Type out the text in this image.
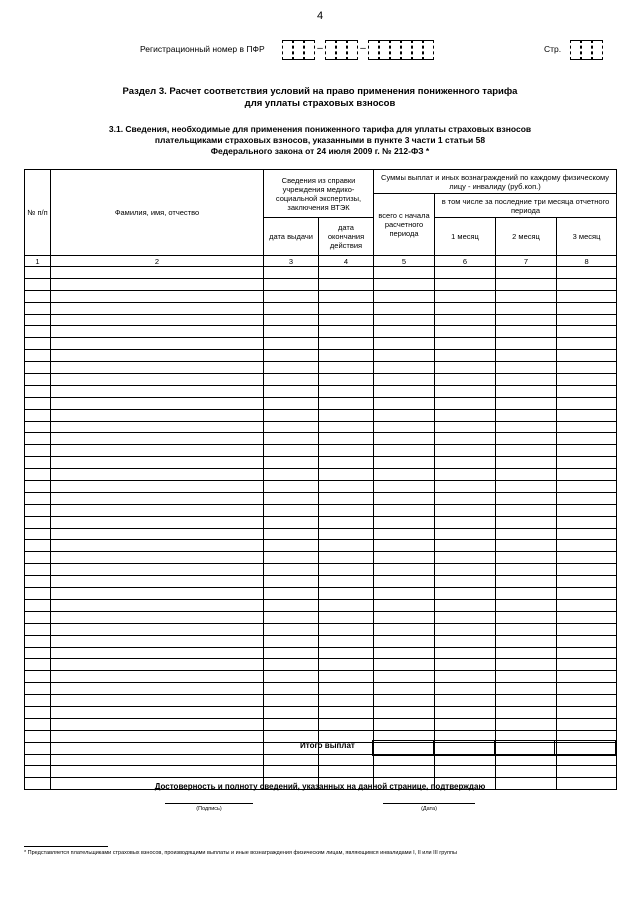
4
Регистрационный номер в ПФР	–	–	Стр.
Раздел 3. Расчет соответствия условий на право применения пониженного тарифа
для уплаты страховых взносов
3.1. Сведения, необходимые для применения пониженного тарифа для уплаты страховых взносов
плательщиками страховых взносов, указанными в пункте 3 части 1 статьи 58
Федерального закона от 24 июля 2009 г. № 212-ФЗ *
№ п/п	Фамилия, имя, отчество	Сведения из справки учреждения медико-социальной экспертизы, заключения ВТЭК		Суммы выплат и иных вознаграждений по каждому физическому лицу - инвалиду (руб.коп.)			
				всего с начала расчетного периода	в том числе за последние три месяца отчетного периода		
		дата выдачи	дата окончания действия		1 месяц	2 месяц	3 месяц
1	2	3	4	5	6	7	8

Итого выплат

Достоверность и полноту сведений, указанных на данной странице, подтверждаю
(Подпись)	(Дата)
* Представляется плательщиками страховых взносов, производящими выплаты и иные вознаграждения физическим лицам, являющимся инвалидами I, II или III группы
